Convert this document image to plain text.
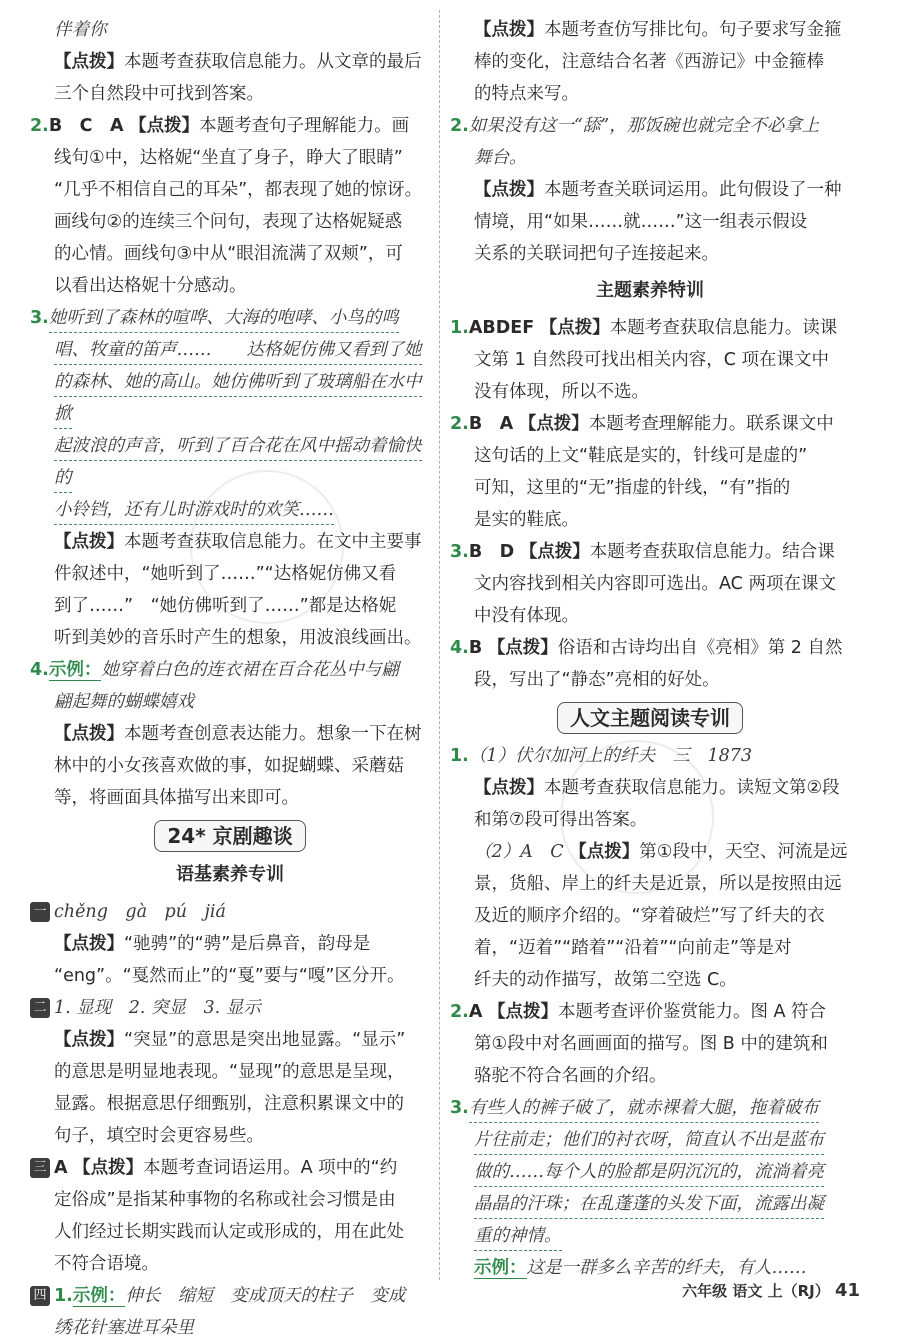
伴着你

【点拨】本题考查获取信息能力。从文章的最后

三个自然段中可找到答案。

2.B　C　A 【点拨】本题考查句子理解能力。画

线句①中，达格妮“坐直了身子，睁大了眼睛”

“几乎不相信自己的耳朵”，都表现了她的惊讶。

画线句②的连续三个问句，表现了达格妮疑惑

的心情。画线句③中从“眼泪流满了双颊”，可

以看出达格妮十分感动。

3.她听到了森林的喧哗、大海的咆哮、小鸟的鸣

唱、牧童的笛声……　　达格妮仿佛又看到了她

的森林、她的高山。她仿佛听到了玻璃船在水中掀

起波浪的声音，听到了百合花在风中摇动着愉快的

小铃铛，还有儿时游戏时的欢笑……

【点拨】本题考查获取信息能力。在文中主要事

件叙述中，“她听到了……”“达格妮仿佛又看

到了……”　“她仿佛听到了……”都是达格妮

听到美妙的音乐时产生的想象，用波浪线画出。

4.示例：她穿着白色的连衣裙在百合花丛中与翩

翩起舞的蝴蝶嬉戏

【点拨】本题考查创意表达能力。想象一下在树

林中的小女孩喜欢做的事，如捉蝴蝶、采蘑菇

等，将画面具体描写出来即可。

24* 京剧趣谈

语基素养专训

一 chěng　gà　pú　jiá

【点拨】“驰骋”的“骋”是后鼻音，韵母是

“eng”。“戛然而止”的“戛”要与“嘎”区分开。

二 1. 显现　2. 突显　3. 显示

【点拨】“突显”的意思是突出地显露。“显示”

的意思是明显地表现。“显现”的意思是呈现，

显露。根据意思仔细甄别，注意积累课文中的

句子，填空时会更容易些。

三 A 【点拨】本题考查词语运用。A 项中的“约

定俗成”是指某种事物的名称或社会习惯是由

人们经过长期实践而认定或形成的，用在此处

不符合语境。

四 1.示例：伸长　缩短　变成顶天的柱子　变成

绣花针塞进耳朵里

【点拨】本题考查仿写排比句。句子要求写金箍

棒的变化，注意结合名著《西游记》中金箍棒

的特点来写。

2.如果没有这一“舔”，那饭碗也就完全不必拿上

舞台。

【点拨】本题考查关联词运用。此句假设了一种

情境，用“如果……就……”这一组表示假设

关系的关联词把句子连接起来。

主题素养特训

1.ABDEF 【点拨】本题考查获取信息能力。读课

文第 1 自然段可找出相关内容，C 项在课文中

没有体现，所以不选。

2.B　A 【点拨】本题考查理解能力。联系课文中

这句话的上文“鞋底是实的，针线可是虚的”

可知，这里的“无”指虚的针线，“有”指的

是实的鞋底。

3.B　D 【点拨】本题考查获取信息能力。结合课

文内容找到相关内容即可选出。AC 两项在课文

中没有体现。

4.B 【点拨】俗语和古诗均出自《亮相》第 2 自然

段，写出了“静态”亮相的好处。

人文主题阅读专训

1.（1）伏尔加河上的纤夫　三　1873

【点拨】本题考查获取信息能力。读短文第②段

和第⑦段可得出答案。

（2）A　C 【点拨】第①段中，天空、河流是远

景，货船、岸上的纤夫是近景，所以是按照由远

及近的顺序介绍的。“穿着破烂”写了纤夫的衣

着，“迈着”“踏着”“沿着”“向前走”等是对

纤夫的动作描写，故第二空选 C。

2.A 【点拨】本题考查评价鉴赏能力。图 A 符合

第①段中对名画画面的描写。图 B 中的建筑和

骆驼不符合名画的介绍。

3.有些人的裤子破了，就赤裸着大腿，拖着破布

片往前走；他们的衬衣呀，简直认不出是蓝布

做的……每个人的脸都是阴沉沉的，流淌着亮

晶晶的汗珠；在乱蓬蓬的头发下面，流露出凝

重的神情。

示例：这是一群多么辛苦的纤夫，有人……

六年级 语文 上（RJ） 41
